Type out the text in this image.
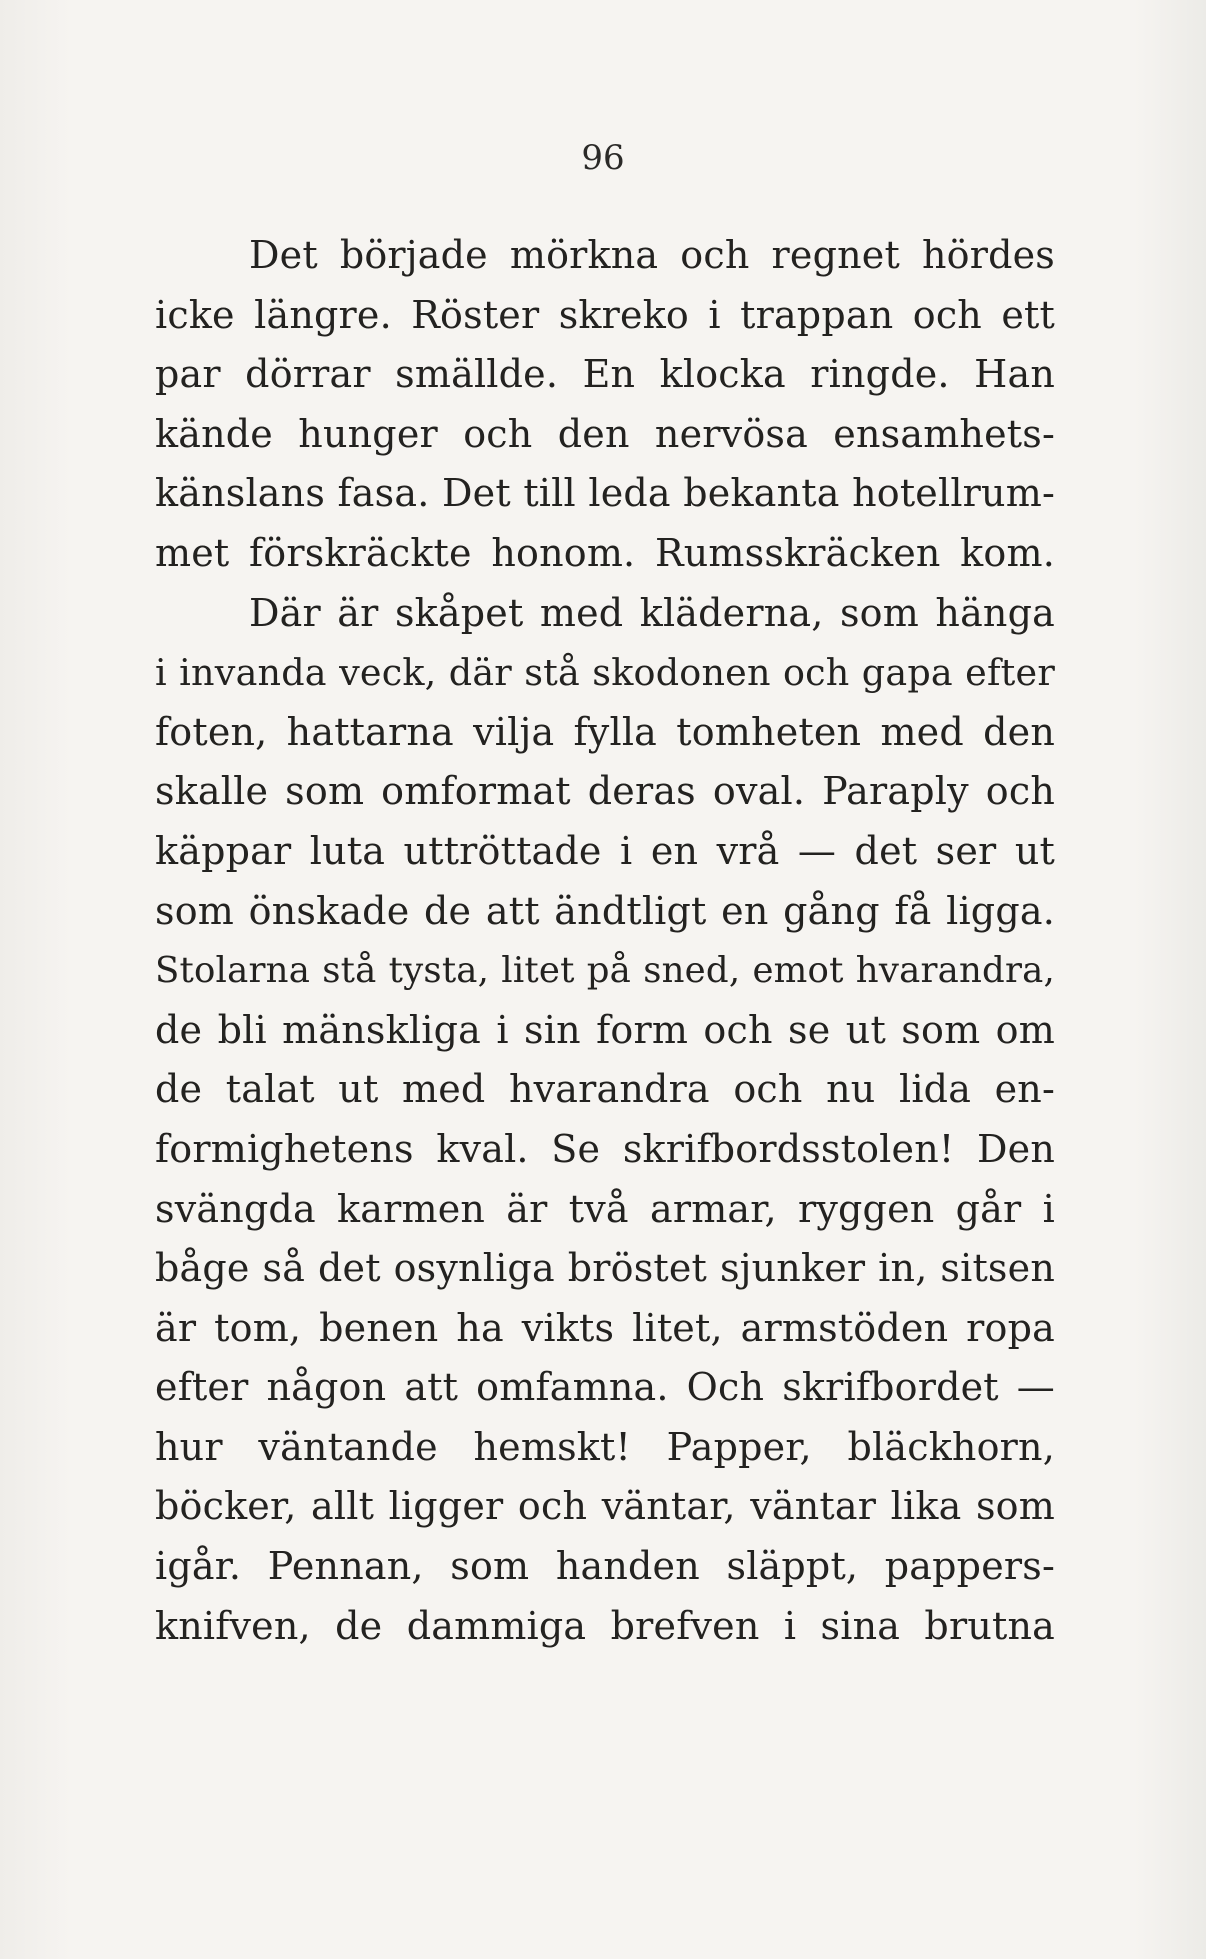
96
Det började mörkna och regnet hördes
icke längre. Röster skreko i trappan och ett
par dörrar smällde. En klocka ringde. Han
kände hunger och den nervösa ensamhets-
känslans fasa. Det till leda bekanta hotellrum-
met förskräckte honom. Rumsskräcken kom.
Där är skåpet med kläderna, som hänga
i invanda veck, där stå skodonen och gapa efter
foten, hattarna vilja fylla tomheten med den
skalle som omformat deras oval. Paraply och
käppar luta uttröttade i en vrå — det ser ut
som önskade de att ändtligt en gång få ligga.
Stolarna stå tysta, litet på sned, emot hvarandra,
de bli mänskliga i sin form och se ut som om
de talat ut med hvarandra och nu lida en-
formighetens kval. Se skrifbordsstolen! Den
svängda karmen är två armar, ryggen går i
båge så det osynliga bröstet sjunker in, sitsen
är tom, benen ha vikts litet, armstöden ropa
efter någon att omfamna. Och skrifbordet —
hur väntande hemskt! Papper, bläckhorn,
böcker, allt ligger och väntar, väntar lika som
igår. Pennan, som handen släppt, pappers-
knifven, de dammiga brefven i sina brutna
